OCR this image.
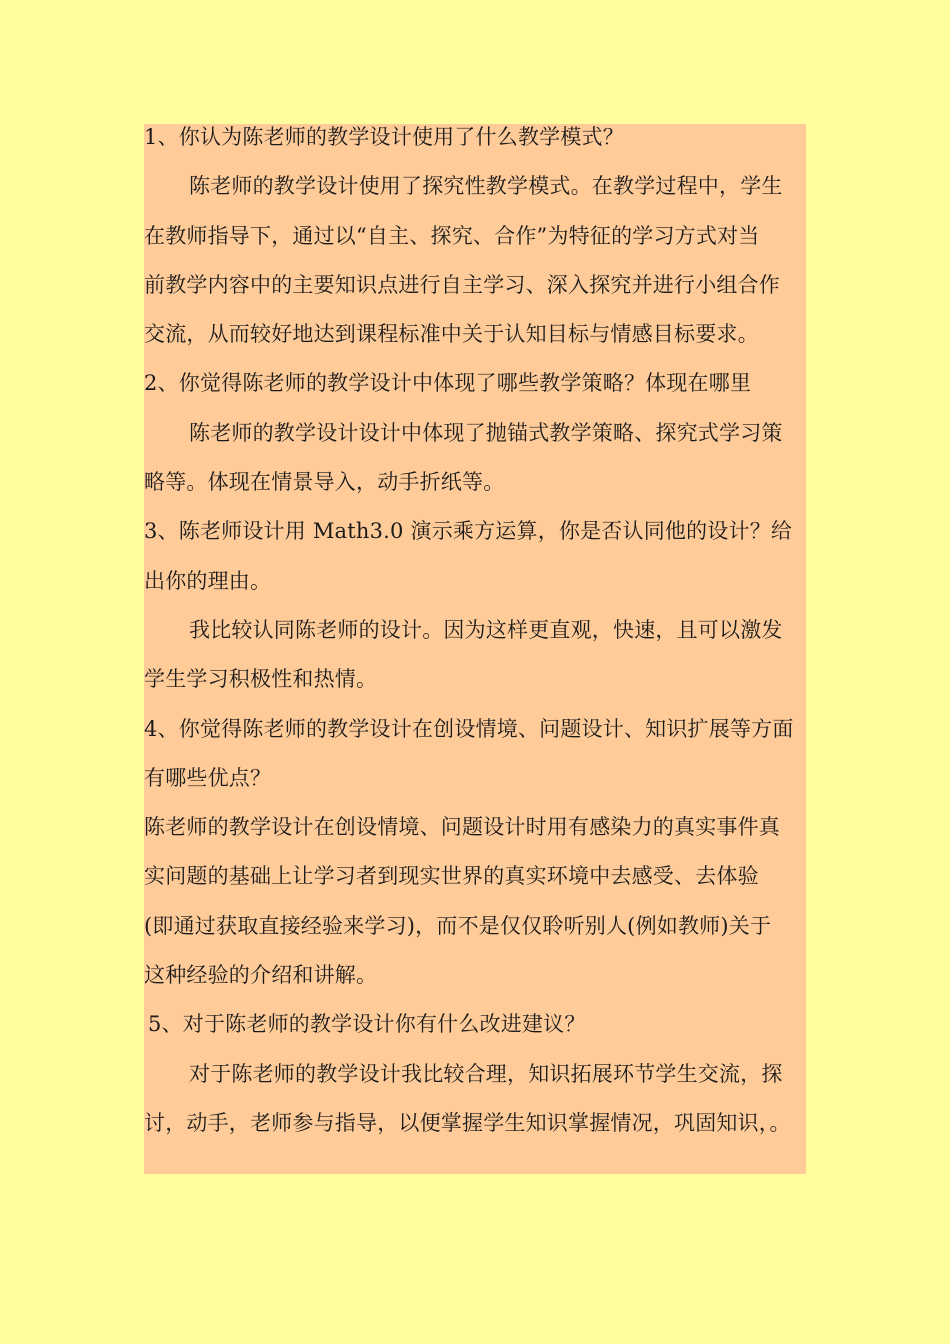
1、你认为陈老师的教学设计使用了什么教学模式？
陈老师的教学设计使用了探究性教学模式。在教学过程中，学生
在教师指导下，通过以“自主、探究、合作”为特征的学习方式对当
前教学内容中的主要知识点进行自主学习、深入探究并进行小组合作
交流，从而较好地达到课程标准中关于认知目标与情感目标要求。
2、你觉得陈老师的教学设计中体现了哪些教学策略？体现在哪里
陈老师的教学设计设计中体现了抛锚式教学策略、探究式学习策
略等。体现在情景导入，动手折纸等。
3、陈老师设计用 Math3.0 演示乘方运算，你是否认同他的设计？给
出你的理由。
我比较认同陈老师的设计。因为这样更直观，快速，且可以激发
学生学习积极性和热情。
4、你觉得陈老师的教学设计在创设情境、问题设计、知识扩展等方面
有哪些优点？
陈老师的教学设计在创设情境、问题设计时用有感染力的真实事件真
实问题的基础上让学习者到现实世界的真实环境中去感受、去体验
(即通过获取直接经验来学习)，而不是仅仅聆听别人(例如教师)关于
这种经验的介绍和讲解。
5、对于陈老师的教学设计你有什么改进建议？
对于陈老师的教学设计我比较合理，知识拓展环节学生交流，探
讨，动手，老师参与指导，以便掌握学生知识掌握情况，巩固知识，。
